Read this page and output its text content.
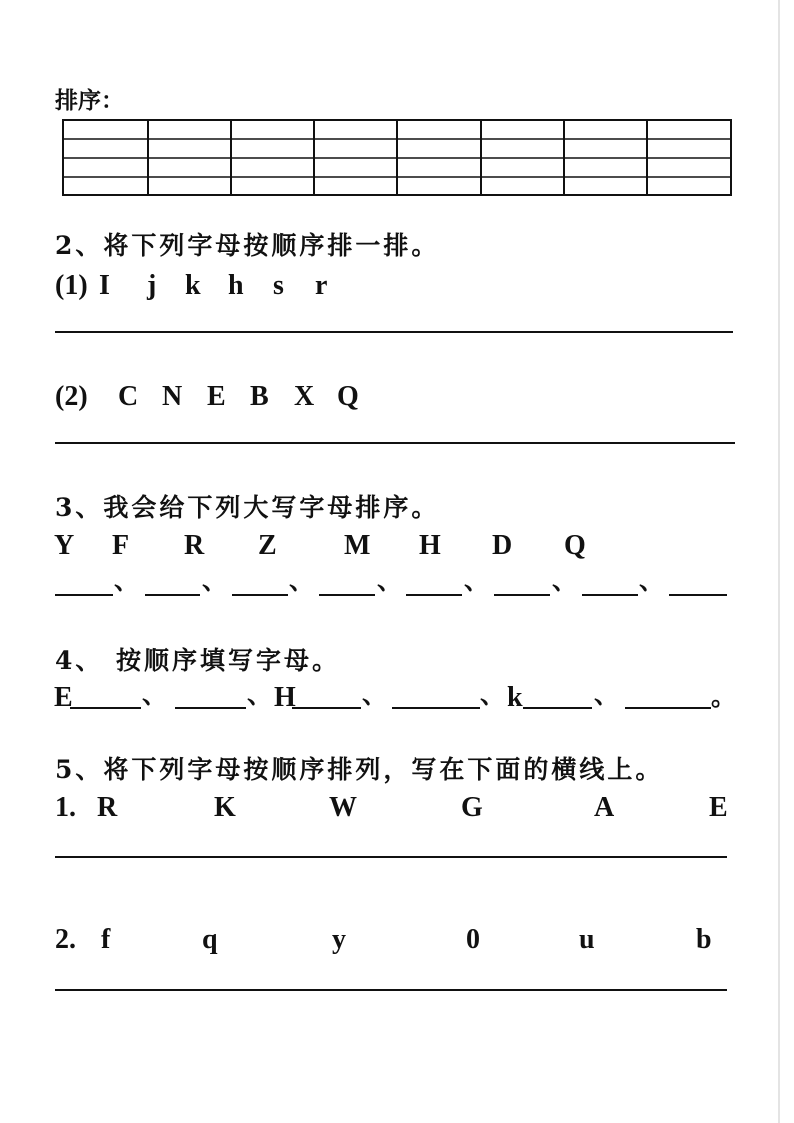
排序：
2、将下列字母按顺序排一排。
(1) I j k h s r
(2) C N E B X Q
3、我会给下列大写字母排序。
Y F R Z M H D Q
、	、 、	、 、	、 、
4、 按顺序填写字母。
E	、	、 H	、	、 k	、	。
5、将下列字母按顺序排列，写在下面的横线上。
1. R	K	W	G	A	E
2. f	q	y	0	u	b
